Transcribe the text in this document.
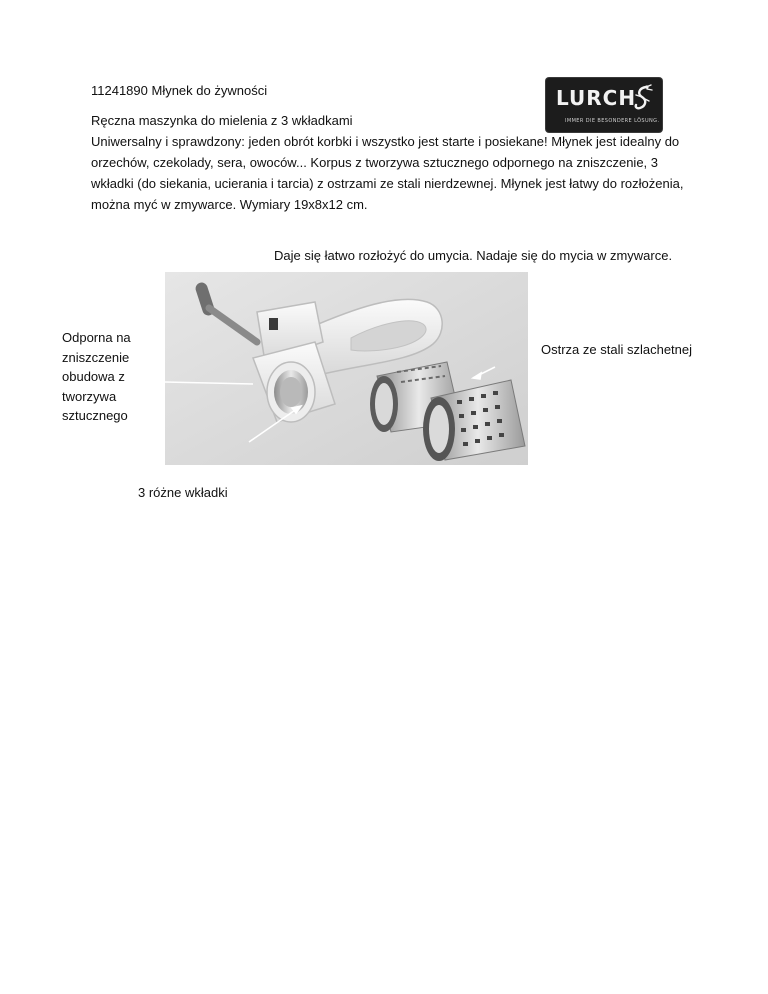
11241890 Młynek do żywności	LURCH
IMMER DIE BESONDERE LÖSUNG.
Ręczna maszynka do mielenia z 3 wkładkami

Uniwersalny i sprawdzony: jeden obrót korbki i wszystko jest starte i posiekane! Młynek jest idealny do orzechów, czekolady, sera, owoców... Korpus z tworzywa sztucznego odpornego na zniszczenie, 3 wkładki (do siekania, ucierania i tarcia) z ostrzami ze stali nierdzewnej. Młynek jest łatwy do rozłożenia, można myć w zmywarce. Wymiary 19x8x12 cm.

Daje się łatwo rozłożyć do umycia. Nadaje się do mycia w zmywarce.
Odporna na zniszczenie obudowa z tworzywa sztucznego
Ostrza ze stali szlachetnej
3 różne wkładki
